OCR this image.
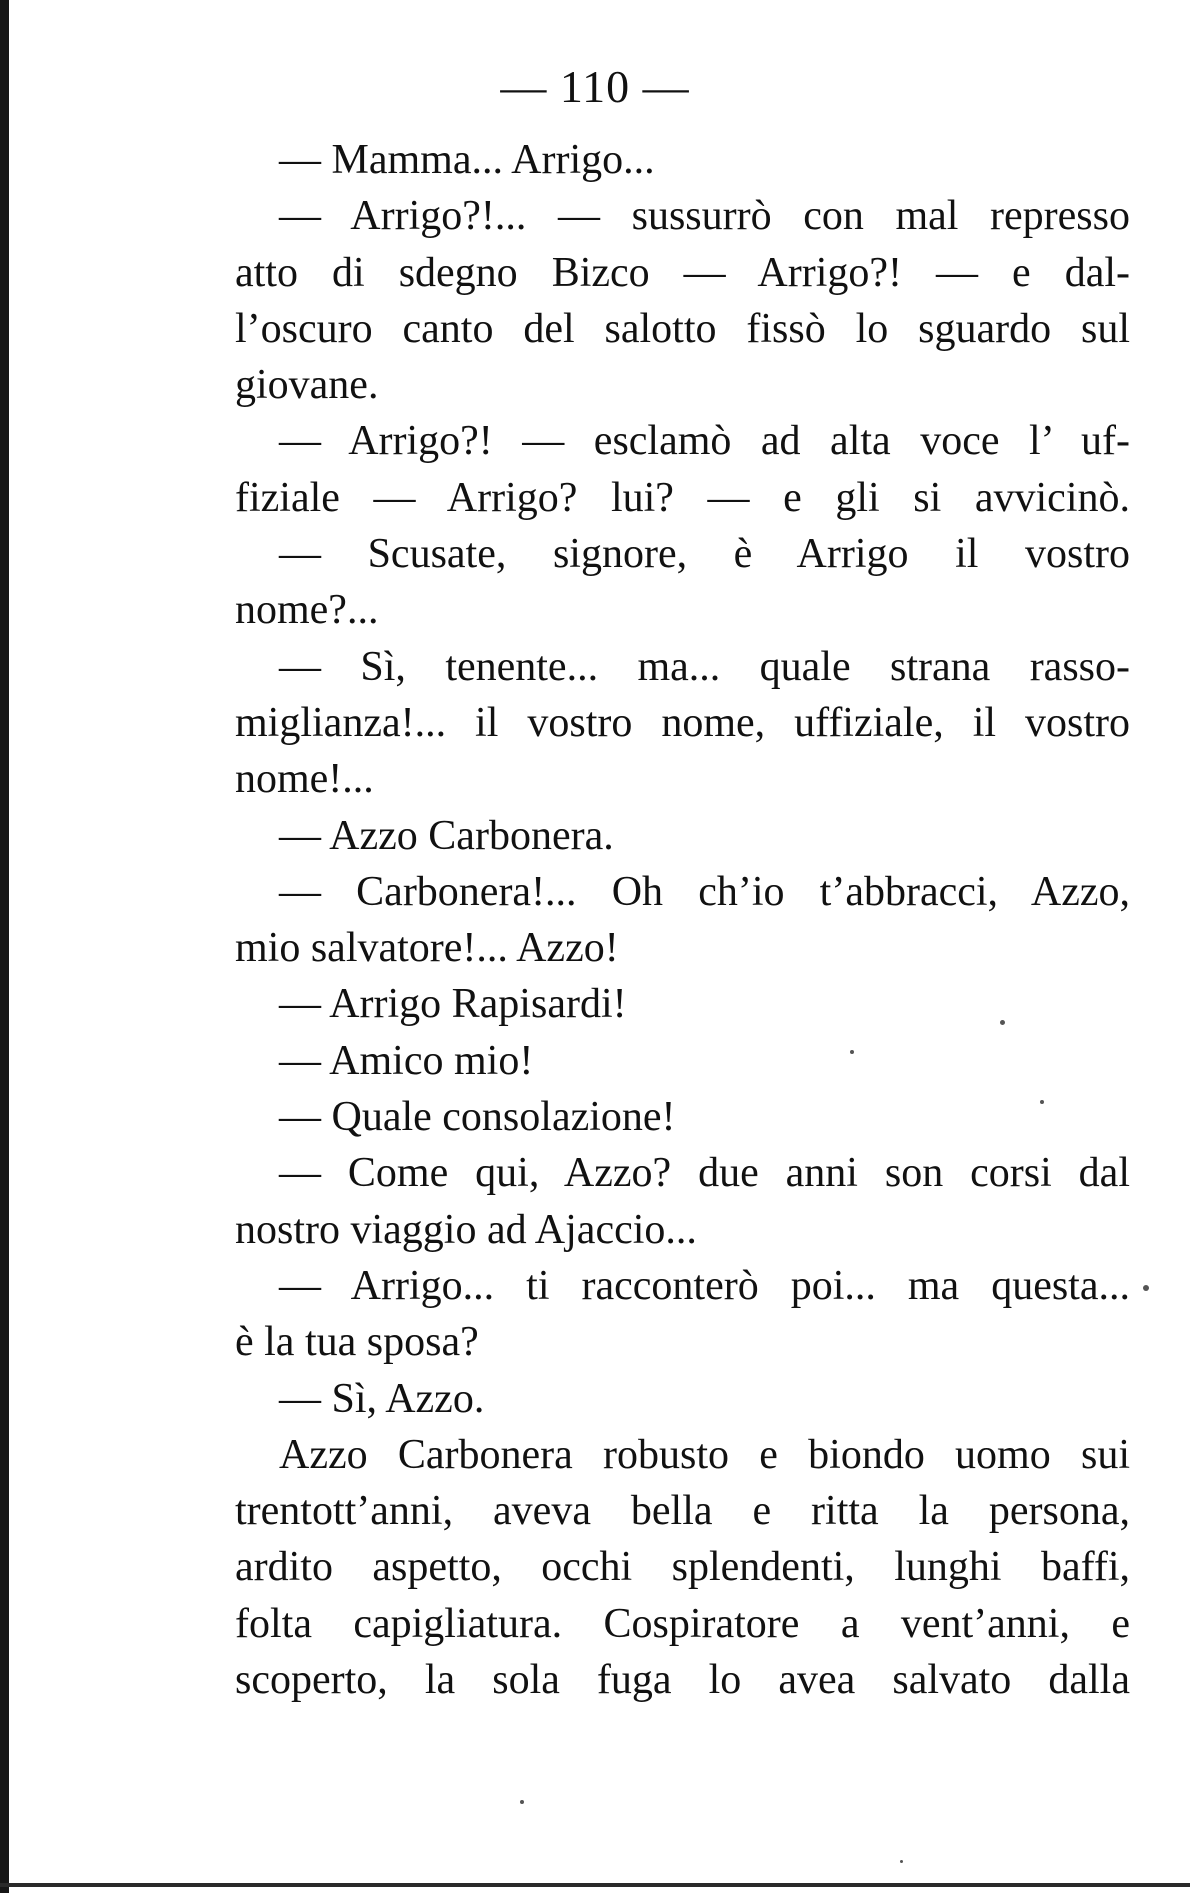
— 110 —
— Mamma... Arrigo...
— Arrigo?!... — sussurrò con mal represso
atto di sdegno Bizco — Arrigo?! — e dal-
l’oscuro canto del salotto fissò lo sguardo sul
giovane.
— Arrigo?! — esclamò ad alta voce l’ uf-
fiziale — Arrigo? lui? — e gli si avvicinò.
— Scusate, signore, è Arrigo il vostro
nome?...
— Sì, tenente... ma... quale strana rasso-
miglianza!... il vostro nome, uffiziale, il vostro
nome!...
— Azzo Carbonera.
— Carbonera!... Oh ch’io t’abbracci, Azzo,
mio salvatore!... Azzo!
— Arrigo Rapisardi!
— Amico mio!
— Quale consolazione!
— Come qui, Azzo? due anni son corsi dal
nostro viaggio ad Ajaccio...
— Arrigo... ti racconterò poi... ma questa...
è la tua sposa?
— Sì, Azzo.
Azzo Carbonera robusto e biondo uomo sui
trentott’anni, aveva bella e ritta la persona,
ardito aspetto, occhi splendenti, lunghi baffi,
folta capigliatura. Cospiratore a vent’anni, e
scoperto, la sola fuga lo avea salvato dalla
